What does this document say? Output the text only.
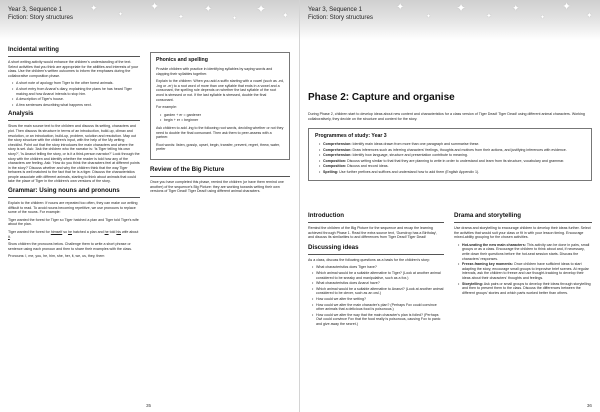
✦
✦
✦
✦
✦
✦
✦ ✦
Year 3, Sequence 1
Fiction: Story structures
Incidental writing

A short writing activity would enhance the children's understanding of the text. Select activities that you think are appropriate for the abilities and interests of your class. Use the children's written outcomes to inform the emphases during the collaborative composition phase.

• A short note of apology from Tiger to the other forest animals.
• A short entry from Ananzi's diary, explaining the plans he has heard Tiger making and how Ananzi intends to stop him.
• A description of Tiger's house.
• A few sentences describing what happens next.
Analysis

Show the main source text to the children and discuss its setting, characters and plot. Then discuss its structure in terms of an introduction, build-up, climax and resolution, or an introduction, build-up, problem, solution and resolution. Map out the story structure with the children's input, with the help of the My writing checklist. Point out that the story introduces the main characters and where the story is set. Ask: 'Ask the children who the narrator is: 'Is Tiger telling his own story?', 'Is Ananzi telling the story, or is it a third-person narrator?' Look through the story with the children and identify whether the reader is told how any of the characters are feeling. Ask: 'How do you think the characters feel at different points in the story?' Discuss whether and why the children think that the way Tiger behaves is well matched to the fact that he is a tiger. Discuss the characteristics people associate with different animals, starting to think about animals that could take the place of Tiger in the children's own versions of the story.

Grammar: Using nouns and pronouns

Explain to the children: If nouns are repeated too often, they can make our writing difficult to read. To avoid nouns becoming repetitive, we use pronouns to replace some of the nouns. For example:

Tiger wanted the forest for Tiger so Tiger hatched a plan and Tiger told Tiger's wife about the plan.

Tiger wanted the forest for himself so he hatched a plan and he told his wife about it.

Show children the pronouns below. Challenge them to write a short phrase or sentence using each pronoun and then to share their examples with the class.

Pronouns: I, me, you, he, him, she, her, it, we, us, they, them

Phonics and spelling

Provide children with practice in identifying syllables by saying words and clapping their syllables together.

Explain to the children: When you add a suffix starting with a vowel (such as -ed, -ing or -er) to a root word of more than one syllable that ends in a vowel and a consonant, the spelling rule depends on whether the last syllable of the root word is stressed or not. If the last syllable is stressed, double the final consonant.

For example:

• garden + er = gardener
• begin + er = beginner

Ask children to add -ing to the following root words, deciding whether or not they need to double the final consonant. Then ask them to peer-assess with a partner.

Root words: listen, gossip, upset, begin, transfer, prevent, regret, threw, water, prefer

Review of the Big Picture

Once you have completed this phase, remind the children (or have them remind one another) of the sequence's Big Picture: they are working towards writing their own versions of Tiger Dead! Tiger Dead! using different animal characters.

35
✦
✦
✦
✦
✦
✦
✦
✦
Year 3, Sequence 1
Fiction: Story structures
Phase 2: Capture and organise

During Phase 2, children start to develop ideas about new content and characteristics for a class version of Tiger Dead! Tiger Dead! using different animal characters. Working collaboratively, they decide on the structure and content for the story.

Programmes of study: Year 3
• Comprehension: Identify main ideas drawn from more than one paragraph and summarise these.
• Comprehension: Draw inferences such as inferring characters' feelings, thoughts and motives from their actions, and justifying inferences with evidence.
• Comprehension: Identify how language, structure and presentation contribute to meaning.
• Composition: Discuss writing similar to that that they are planning to write in order to understand and learn from its structure, vocabulary and grammar.
• Composition: Discuss and record ideas.
• Spelling: Use further prefixes and suffixes and understand how to add them (English Appendix 1).
Introduction

Remind the children of the Big Picture for the sequence and recap the learning achieved through Phase 1. Read the extra source text, 'Gumdrop has a Birthday', and discuss its similarities to and differences from Tiger Dead! Tiger Dead!

Discussing ideas

As a class, discuss the following questions as a basis for the children's story:

• What characteristics does Tiger have?
• Which animal would be a suitable alternative to Tiger? (Look at another animal considered to be sneaky and manipulative, such as a fox.)
• What characteristics does Ananzi have?
• Which animal would be a suitable alternative to Ananzi? (Look at another animal considered to be clever, such as an owl.)
• How could we alter the setting?
• How could we alter the main character's plan? (Perhaps Fox could convince other animals that a delicious food is poisonous.)
• How could we alter the way that the main character's plan is foiled? (Perhaps Owl could convince Fox that the food really is poisonous, causing Fox to panic and give away the secret.)
Drama and storytelling

Use drama and storytelling to encourage children to develop their ideas further. Select the activities that would suit your class or fit in with your lesson timing. Encourage mixed-ability grouping for the chosen activities.

• Hot-seating the new main characters: This activity can be done in pairs, small groups or as a class. Encourage the children to think about and, if necessary, write down their questions before the hot-seat session starts. Discuss the characters' responses.
• Freeze-framing key moments: Once children have sufficient ideas to start adapting the story, encourage small groups to improvise brief scenes. At regular intervals, ask the children to freeze and use thought-tracking to develop their ideas about their characters' thoughts and feelings.
• Storytelling: Ask pairs or small groups to develop their ideas through storytelling and then to present them to the class. Discuss the differences between the different groups' stories and which parts worked better than others.
36
